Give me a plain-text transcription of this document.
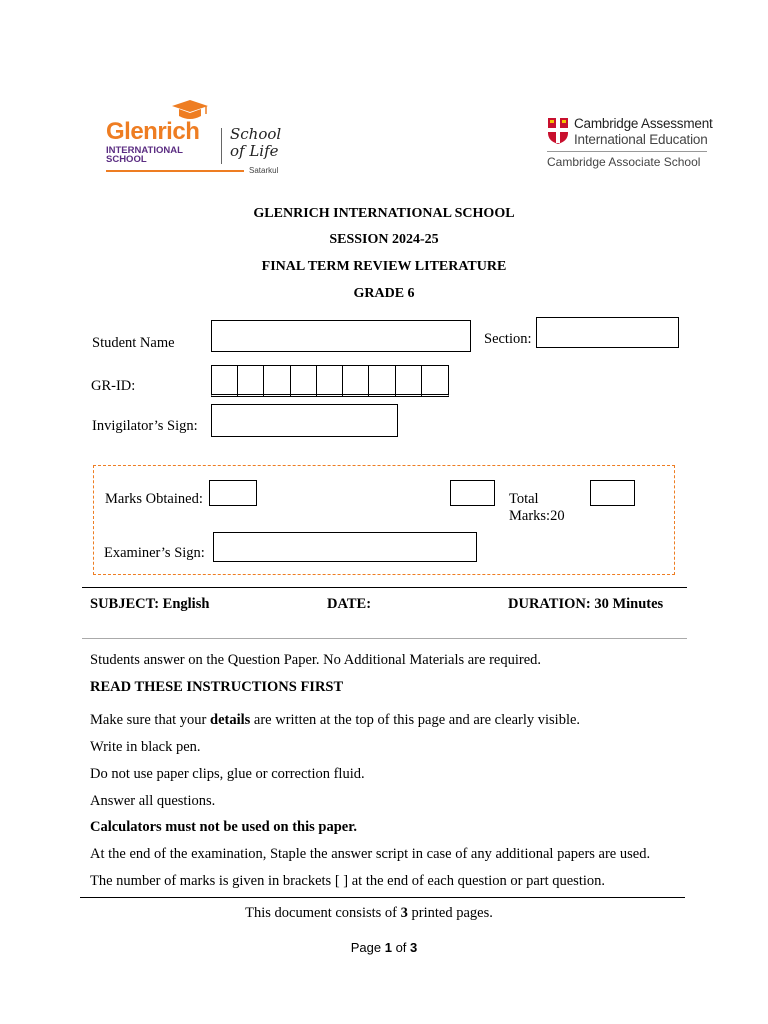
Glenrich
INTERNATIONAL
SCHOOL
School
of Life
Satarkul
Cambridge Assessment
International Education
Cambridge Associate School
GLENRICH INTERNATIONAL SCHOOL
SESSION 2024-25
FINAL TERM REVIEW LITERATURE
GRADE 6
Student Name	Section:
GR-ID:
Invigilator’s Sign:
Marks Obtained:	Total
Marks:20
Examiner’s Sign:
SUBJECT: English	DATE:	DURATION: 30 Minutes
Students answer on the Question Paper. No Additional Materials are required.
READ THESE INSTRUCTIONS FIRST
Make sure that your details are written at the top of this page and are clearly visible.
Write in black pen.
Do not use paper clips, glue or correction fluid.
Answer all questions.
Calculators must not be used on this paper.
At the end of the examination, Staple the answer script in case of any additional papers are used.
The number of marks is given in brackets [ ] at the end of each question or part question.
This document consists of 3 printed pages.
Page 1 of 3
